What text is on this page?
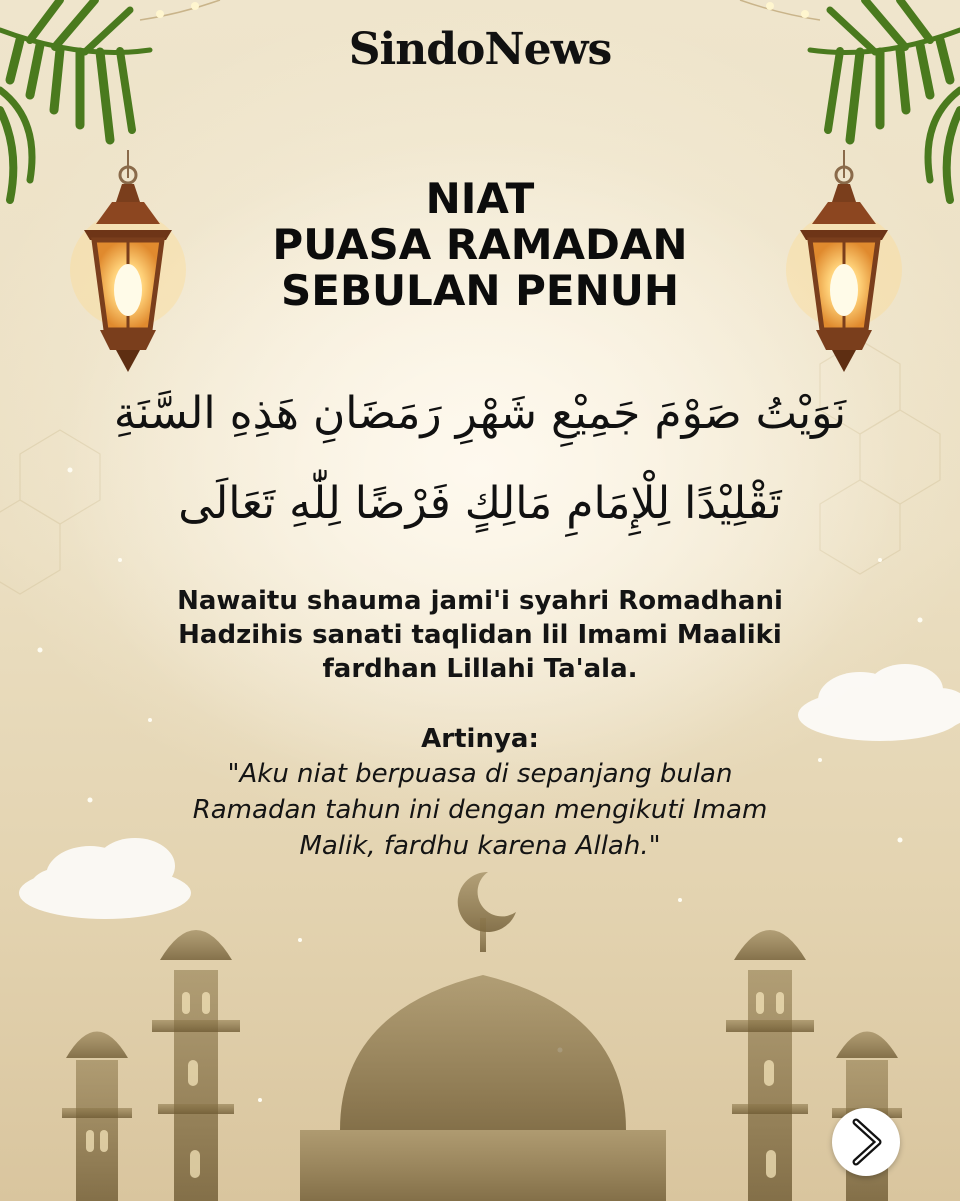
SindoNews
NIAT
PUASA RAMADAN
SEBULAN PENUH
نَوَيْتُ صَوْمَ جَمِيْعِ شَهْرِ رَمَضَانِ هَذِهِ السَّنَةِ
تَقْلِيْدًا لِلْإِمَامِ مَالِكٍ فَرْضًا لِلّٰهِ تَعَالَى
Nawaitu shauma jami'i syahri Romadhani
Hadzihis sanati taqlidan lil Imami Maaliki
fardhan Lillahi Ta'ala.
Artinya:
"Aku niat berpuasa di sepanjang bulan
Ramadan tahun ini dengan mengikuti Imam
Malik, fardhu karena Allah."
